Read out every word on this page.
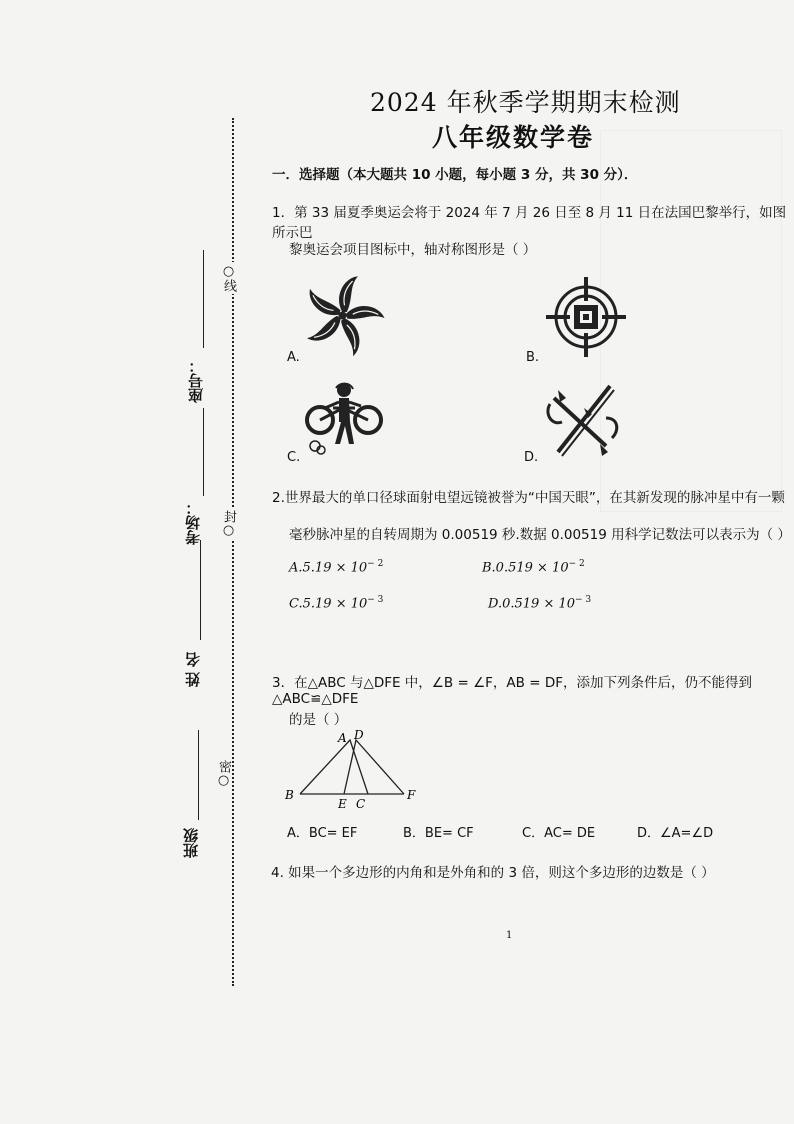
○线
封○
密○
座号：
考场：
姓 名
班级
2024 年秋季学期期末检测
八年级数学卷
一．选择题（本大题共 10 小题，每小题 3 分，共 30 分）．
1．第 33 届夏季奥运会将于 2024 年 7 月 26 日至 8 月 11 日在法国巴黎举行，如图所示巴
黎奥运会项目图标中，轴对称图形是（ ）
A.	B.
C.	D.
2.世界最大的单口径球面射电望远镜被誉为“中国天眼”，在其新发现的脉冲星中有一颗
毫秒脉冲星的自转周期为 0.00519 秒.数据 0.00519 用科学记数法可以表示为（ ）
$A.5.19 \times 10^{- 2}$	$B.0.519 \times 10^{- 2}$
$C.5.19 \times 10^{- 3}$	$D.0.519 \times 10^{- 3}$
3．在△ABC 与△DFE 中，∠B = ∠F，AB = DF，添加下列条件后，仍不能得到△ABC≌△DFE
的是（ ）
A D
B
E C
F
A．BC= EF	B．BE= CF	C．AC= DE	D．∠A=∠D
4. 如果一个多边形的内角和是外角和的 3 倍，则这个多边形的边数是（ ）
1
